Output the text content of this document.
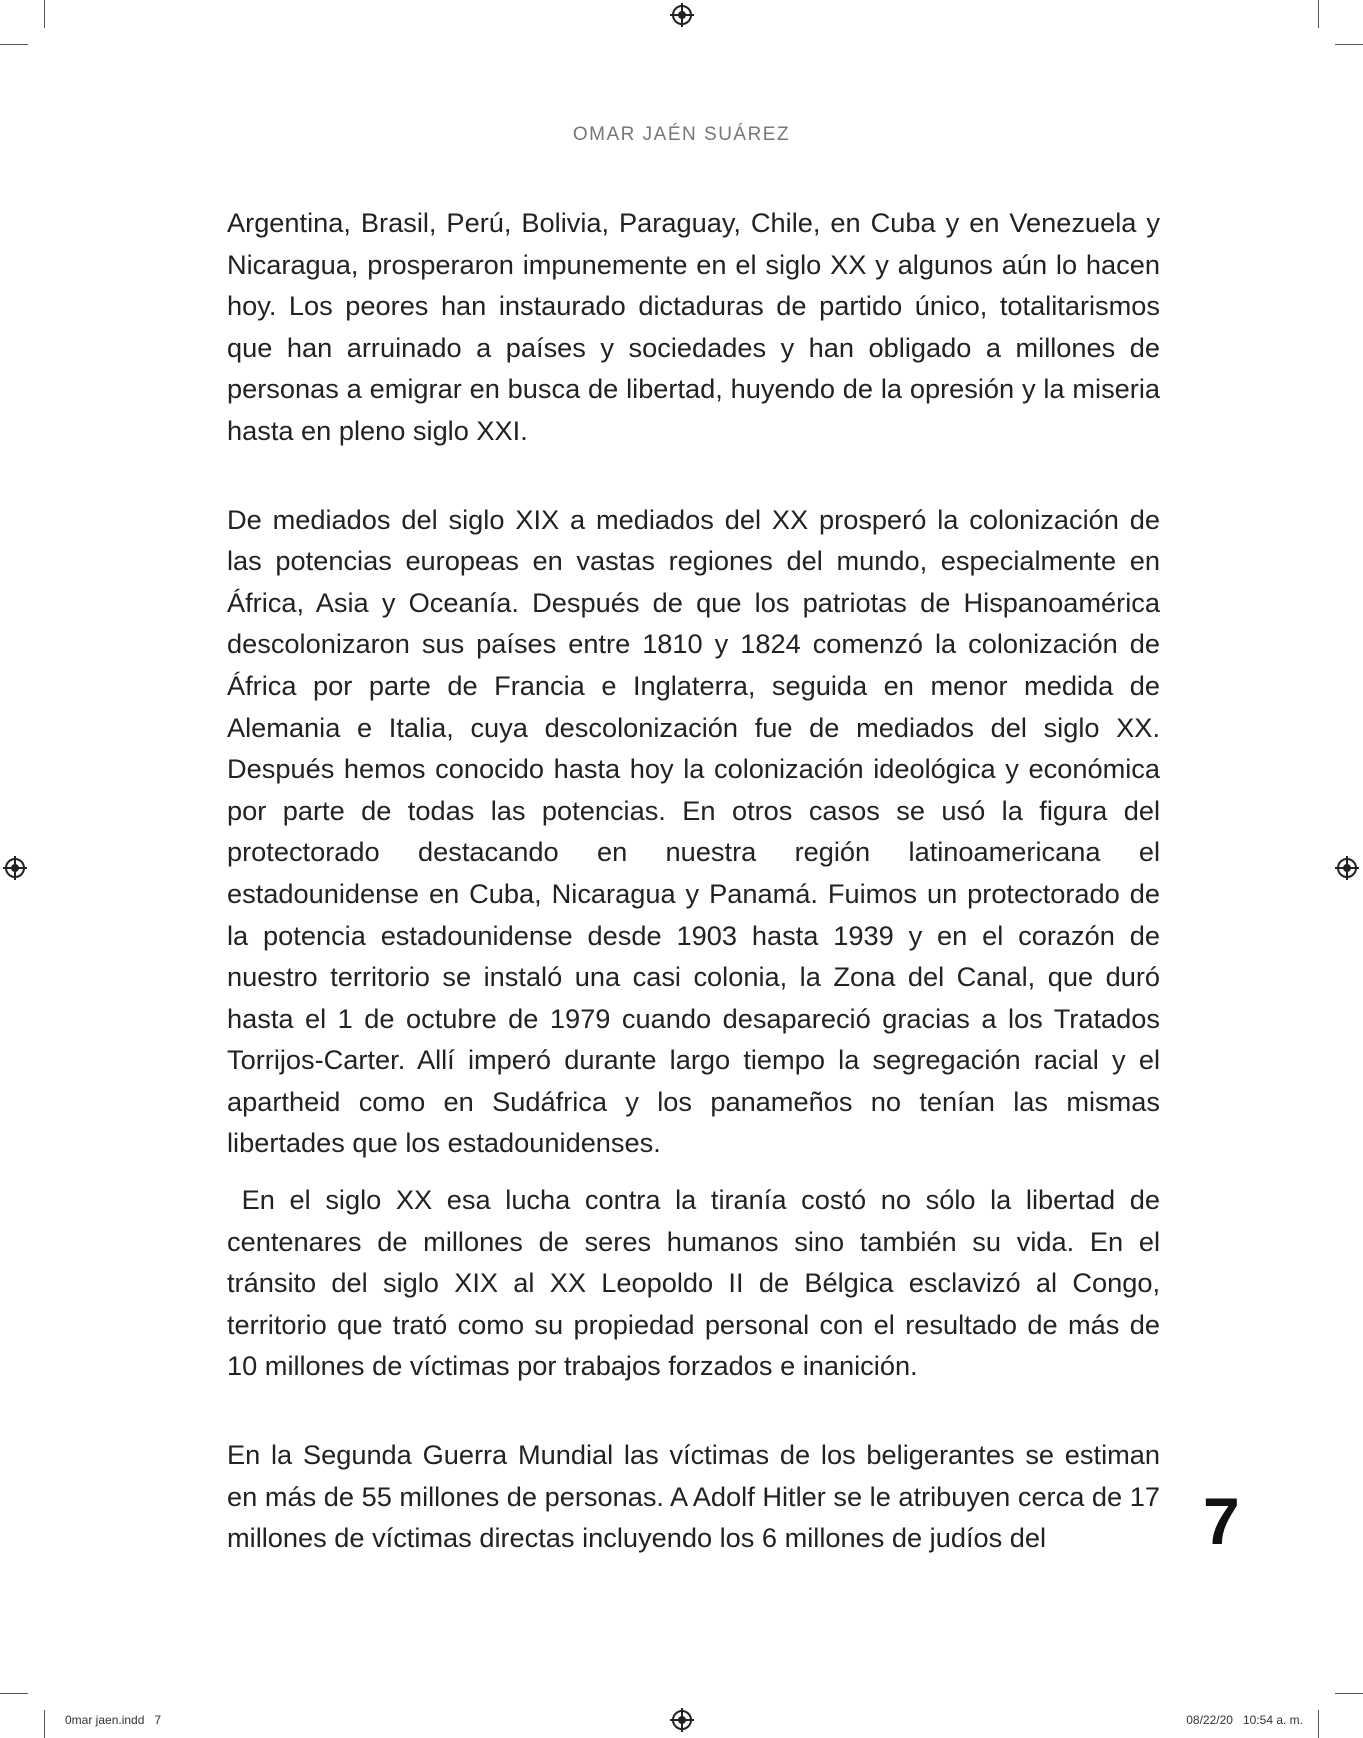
OMAR JAÉN SUÁREZ

Argentina, Brasil, Perú, Bolivia, Paraguay, Chile, en Cuba y en Venezuela y Nicaragua, prosperaron impunemente en el siglo XX y algunos aún lo hacen hoy. Los peores han instaurado dictaduras de partido único, totalitarismos que han arruinado a países y sociedades y han obligado a millones de personas a emigrar en busca de libertad, huyendo de la opresión y la miseria hasta en pleno siglo XXI.

De mediados del siglo XIX a mediados del XX prosperó la colonización de las potencias europeas en vastas regiones del mundo, especialmente en África, Asia y Oceanía. Después de que los patriotas de Hispanoamérica descolonizaron sus países entre 1810 y 1824 comenzó la colonización de África por parte de Francia e Inglaterra, seguida en menor medida de Alemania e Italia, cuya descolonización fue de mediados del siglo XX. Después hemos conocido hasta hoy la colonización ideológica y económica por parte de todas las potencias. En otros casos se usó la figura del protectorado destacando en nuestra región latinoamericana el estadounidense en Cuba, Nicaragua y Panamá. Fuimos un protectorado de la potencia estadounidense desde 1903 hasta 1939 y en el corazón de nuestro territorio se instaló una casi colonia, la Zona del Canal, que duró hasta el 1 de octubre de 1979 cuando desapareció gracias a los Tratados Torrijos-Carter. Allí imperó durante largo tiempo la segregación racial y el apartheid como en Sudáfrica y los panameños no tenían las mismas libertades que los estadounidenses.

En el siglo XX esa lucha contra la tiranía costó no sólo la libertad de centenares de millones de seres humanos sino también su vida. En el tránsito del siglo XIX al XX Leopoldo II de Bélgica esclavizó al Congo, territorio que trató como su propiedad personal con el resultado de más de 10 millones de víctimas por trabajos forzados e inanición.

En la Segunda Guerra Mundial las víctimas de los beligerantes se estiman en más de 55 millones de personas. A Adolf Hitler se le atribuyen cerca de 17 millones de víctimas directas incluyendo los 6 millones de judíos del	7
0mar jaen.indd   7	08/22/20   10:54 a. m.
